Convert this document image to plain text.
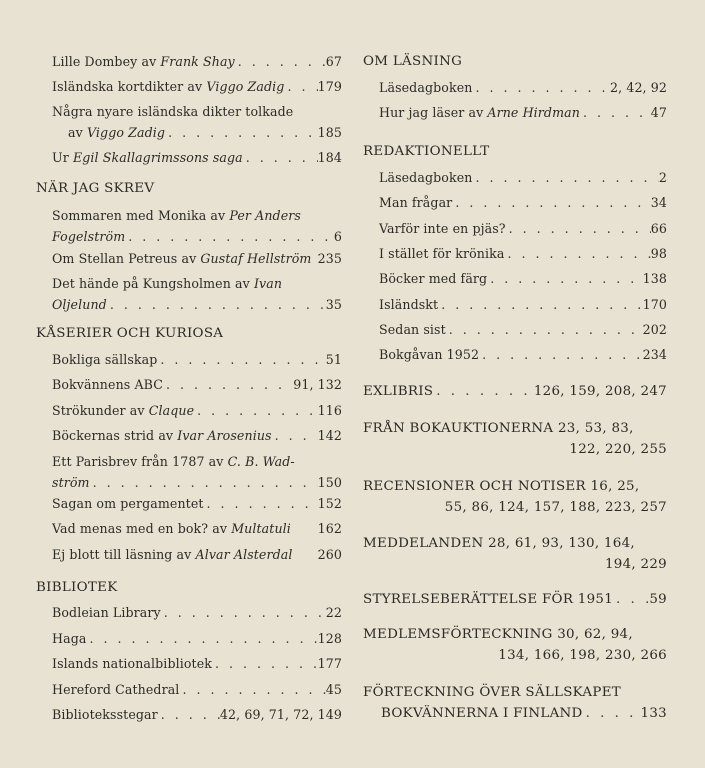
Lille Dombey av Frank Shay . . .	67
Isländska kortdikter av Viggo Zadig . . .	179
Några nyare isländska dikter tolkade
av Viggo Zadig . . .	185
Ur Egil Skallagrimssons saga . . .	184
NÄR JAG SKREV
Sommaren med Monika av Per Anders
Fogelström . . .	6
Om Stellan Petreus av Gustaf Hellström 235
Det hände på Kungsholmen av Ivan
Oljelund . . .	35
KÅSERIER OCH KURIOSA
Bokliga sällskap . . .	51
Bokvännens ABC . . .	91, 132
Strökunder av Claque . . .	116
Böckernas strid av Ivar Arosenius . . .	142
Ett Parisbrev från 1787 av C. B. Wad-
ström . . .	150
Sagan om pergamentet . . .	152
Vad menas med en bok? av Multatuli 162
Ej blott till läsning av Alvar Alsterdal 260
BIBLIOTEK
Bodleian Library . . .	22
Haga . . .	128
Islands nationalbibliotek . . .	177
Hereford Cathedral . . .	45
Biblioteksstegar . . .	42, 69, 71, 72, 149
OM LÄSNING
Läsedagboken . . .	2, 42, 92
Hur jag läser av Arne Hirdman . . .	47
REDAKTIONELLT
Läsedagboken . . .	2
Man frågar . . .	34
Varför inte en pjäs? . . .	66
I stället för krönika . . .	98
Böcker med färg . . .	138
Isländskt . . .	170
Sedan sist . . .	202
Bokgåvan 1952 . . .	234
EXLIBRIS . . .	126, 159, 208, 247
FRÅN BOKAUKTIONERNA 23, 53, 83,
122, 220, 255
RECENSIONER OCH NOTISER 16, 25,
55, 86, 124, 157, 188, 223, 257
MEDDELANDEN 28, 61, 93, 130, 164,
194, 229
STYRELSEBERÄTTELSE FÖR 1951 . . .	59
MEDLEMSFÖRTECKNING 30, 62, 94,
134, 166, 198, 230, 266
FÖRTECKNING ÖVER SÄLLSKAPET
BOKVÄNNERNA I FINLAND . . .	133
